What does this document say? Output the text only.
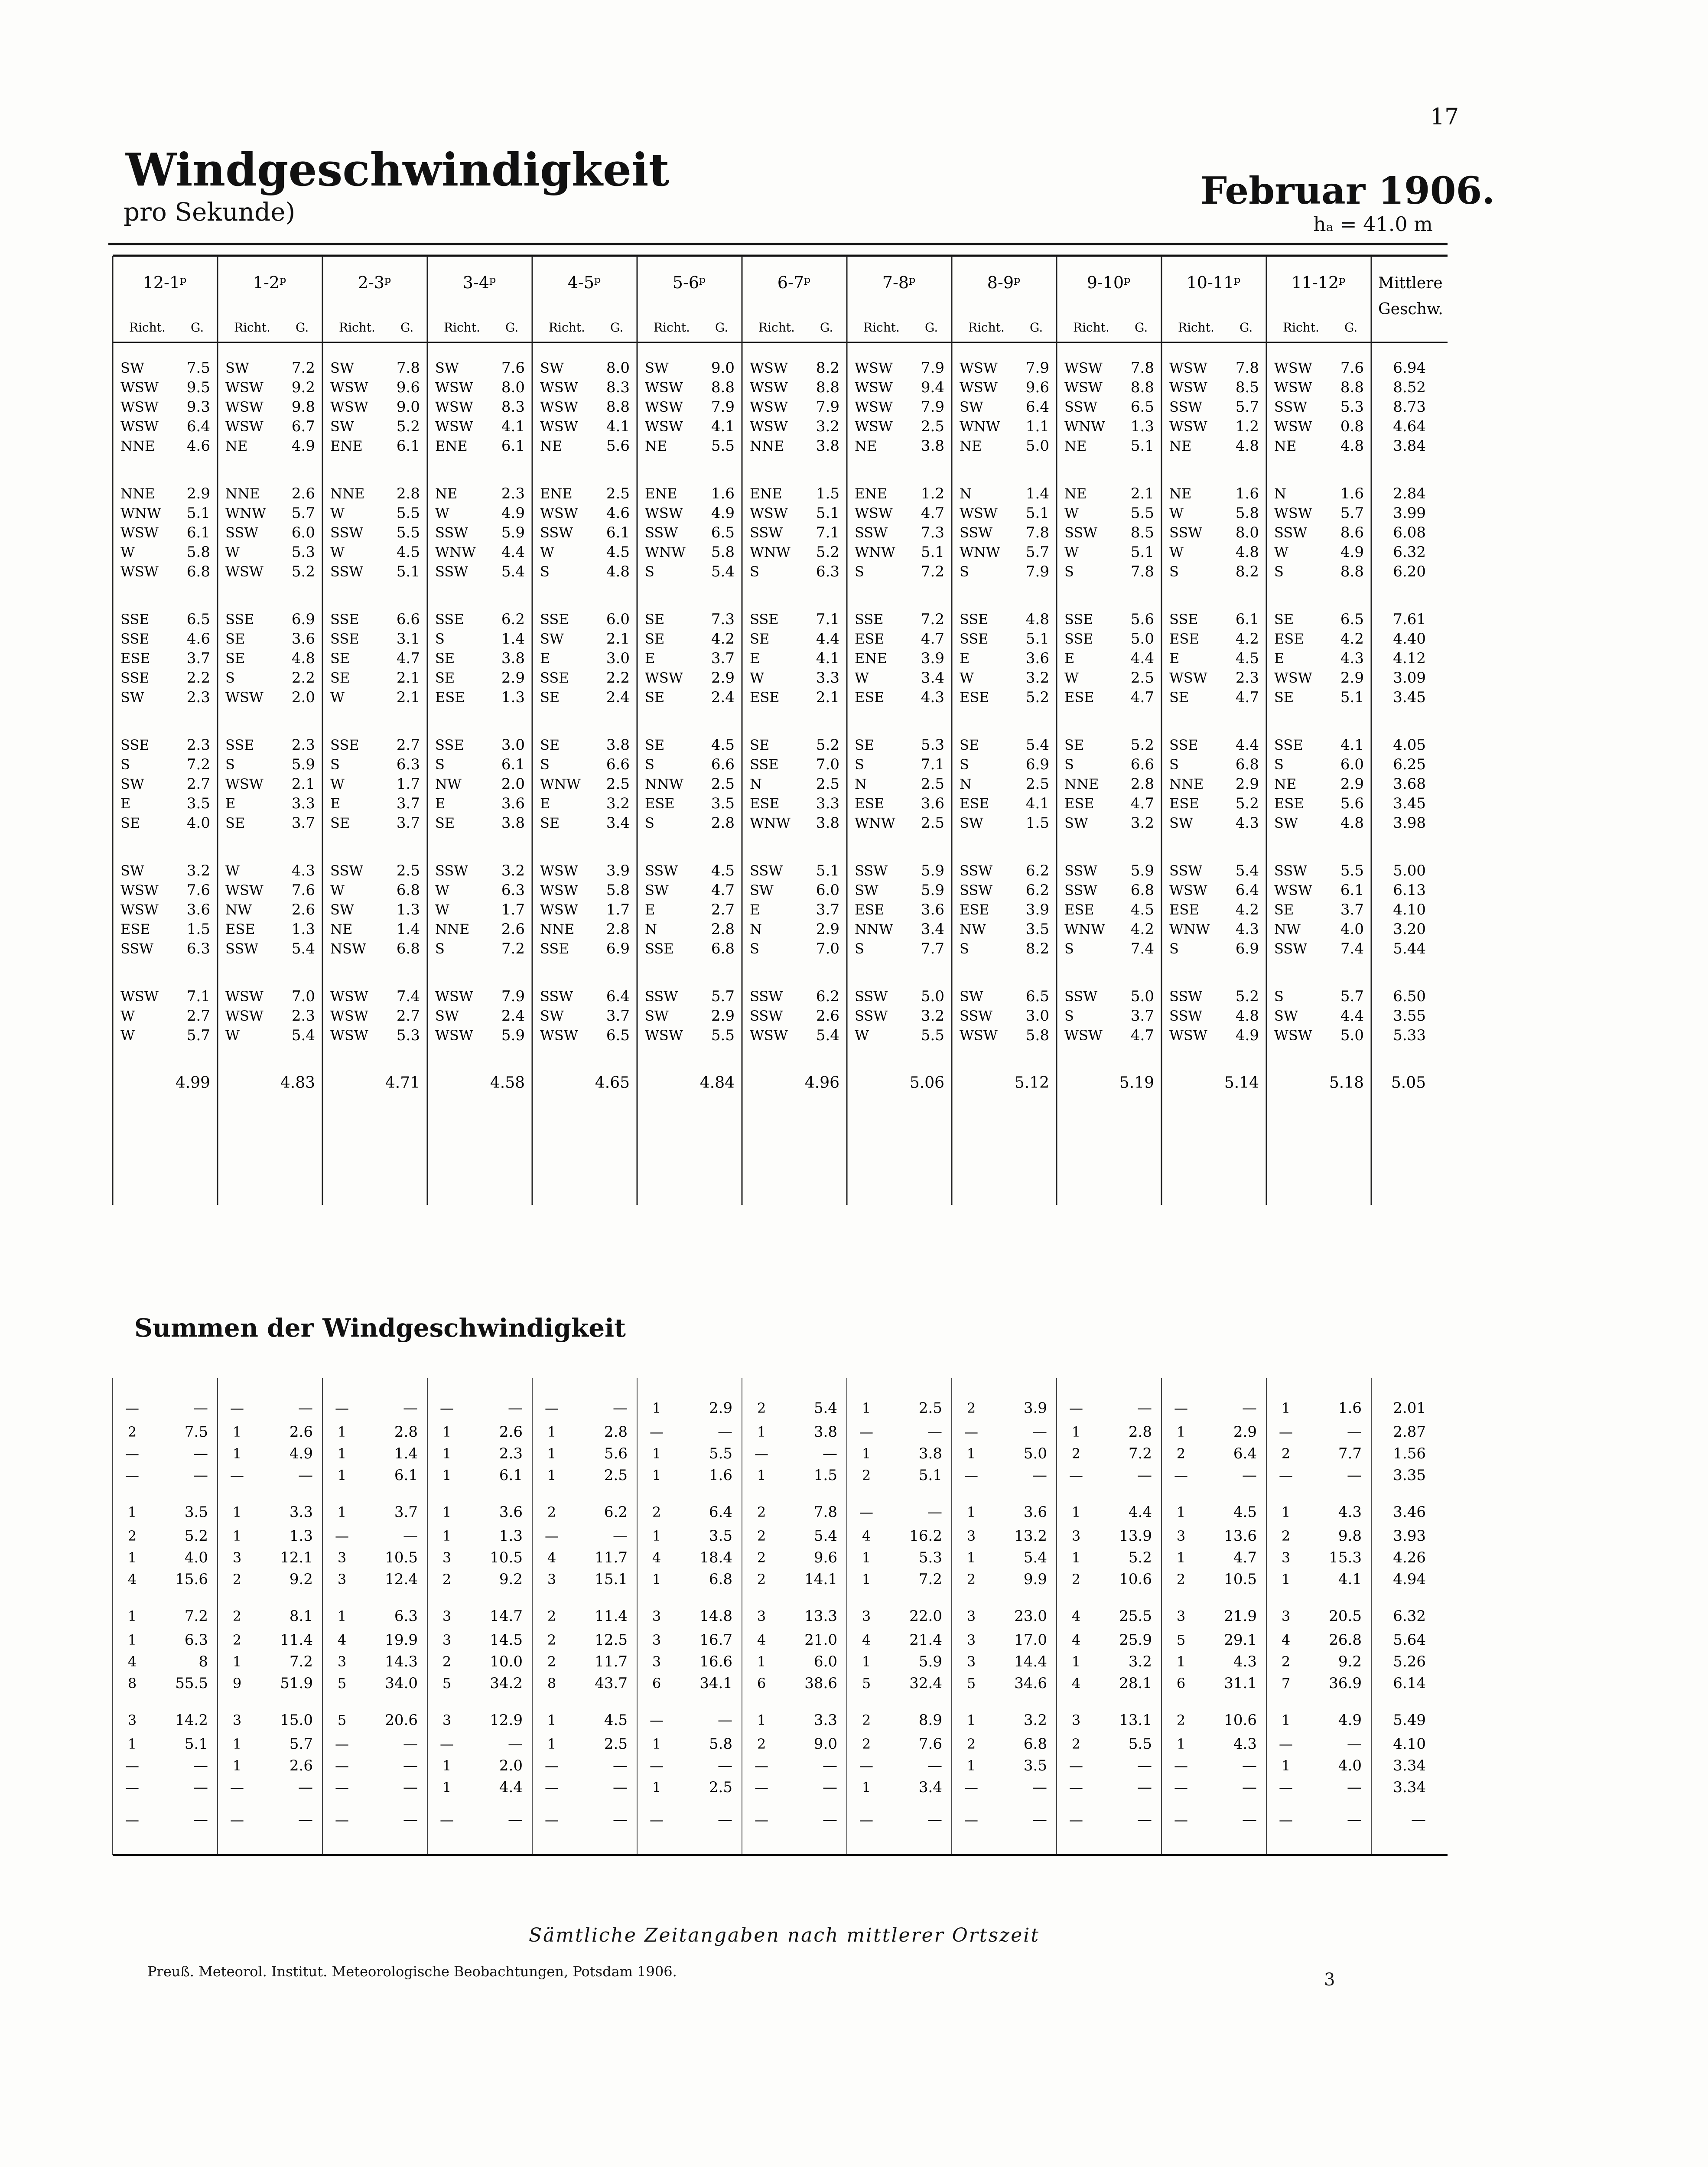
17
Windgeschwindigkeit
pro Sekunde)	Februar 1906.
hₐ = 41.0 m
12-1ᵖ
Richt. G.
1-2ᵖ
Richt. G.
2-3ᵖ
Richt. G.
3-4ᵖ
Richt. G.
4-5ᵖ
Richt. G.
5-6ᵖ
Richt. G.
6-7ᵖ
Richt. G.
7-8ᵖ
Richt. G.
8-9ᵖ
Richt. G.
9-10ᵖ
Richt. G.
10-11ᵖ
Richt. G.
11-12ᵖ
Richt. G.
Mittlere
Geschw.
SW	7.5 SW	7.2 SW	7.8 SW	7.6 SW	8.0 SW	9.0 WSW 8.2 WSW 7.9 WSW 7.9 WSW 7.8 WSW 7.8 WSW 7.6 6.94
WSW 9.5 WSW 9.2 WSW 9.6 WSW 8.0 WSW 8.3 WSW 8.8 WSW 8.8 WSW 9.4 WSW 9.6 WSW 8.8 WSW 8.5 WSW 8.8 8.52
WSW 9.3 WSW 9.8 WSW 9.0 WSW 8.3 WSW 8.8 WSW 7.9 WSW 7.9 WSW 7.9 SW	6.4 SSW 6.5 SSW 5.7 SSW 5.3 8.73
WSW 6.4 WSW 6.7 SW	5.2 WSW 4.1 WSW 4.1 WSW 4.1 WSW 3.2 WSW 2.5 WNW 1.1 WNW 1.3 WSW 1.2 WSW 0.8 4.64
NNE 4.6 NE	4.9 ENE 6.1 ENE 6.1 NE	5.6 NE	5.5 NNE 3.8 NE	3.8 NE	5.0 NE	5.1 NE	4.8 NE	4.8 3.84
NNE 2.9 NNE 2.6 NNE 2.8 NE	2.3 ENE 2.5 ENE 1.6 ENE 1.5 ENE 1.2 N	1.4 NE	2.1 NE	1.6 N	1.6 2.84
WNW 5.1 WNW 5.7 W	5.5 W	4.9 WSW 4.6 WSW 4.9 WSW 5.1 WSW 4.7 WSW 5.1 W	5.5 W	5.8 WSW 5.7 3.99
WSW 6.1 SSW 6.0 SSW 5.5 SSW 5.9 SSW 6.1 SSW 6.5 SSW 7.1 SSW 7.3 SSW 7.8 SSW 8.5 SSW 8.0 SSW 8.6 6.08
W	5.8 W	5.3 W	4.5 WNW 4.4 W	4.5 WNW 5.8 WNW 5.2 WNW 5.1 WNW 5.7 W	5.1 W	4.8 W	4.9 6.32
WSW 6.8 WSW 5.2 SSW 5.1 SSW 5.4 S	4.8 S	5.4 S	6.3 S	7.2 S	7.9 S	7.8 S	8.2 S	8.8 6.20
SSE	6.5 SSE	6.9 SSE	6.6 SSE	6.2 SSE	6.0 SE	7.3 SSE	7.1 SSE	7.2 SSE	4.8 SSE	5.6 SSE	6.1 SE	6.5 7.61
SSE	4.6 SE	3.6 SSE	3.1 S	1.4 SW	2.1 SE	4.2 SE	4.4 ESE 4.7 SSE	5.1 SSE	5.0 ESE 4.2 ESE 4.2 4.40
ESE 3.7 SE	4.8 SE	4.7 SE	3.8 E	3.0 E	3.7 E	4.1 ENE 3.9 E	3.6 E	4.4 E	4.5 E	4.3 4.12
SSE	2.2 S	2.2 SE	2.1 SE	2.9 SSE	2.2 WSW 2.9 W	3.3 W	3.4 W	3.2 W	2.5 WSW 2.3 WSW 2.9 3.09
SW	2.3 WSW 2.0 W	2.1 ESE 1.3 SE	2.4 SE	2.4 ESE 2.1 ESE 4.3 ESE 5.2 ESE 4.7 SE	4.7 SE	5.1 3.45
SSE	2.3 SSE	2.3 SSE	2.7 SSE	3.0 SE	3.8 SE	4.5 SE	5.2 SE	5.3 SE	5.4 SE	5.2 SSE	4.4 SSE	4.1 4.05
S	7.2 S	5.9 S	6.3 S	6.1 S	6.6 S	6.6 SSE	7.0 S	7.1 S	6.9 S	6.6 S	6.8 S	6.0 6.25
SW	2.7 WSW 2.1 W	1.7 NW	2.0 WNW 2.5 NNW 2.5 N	2.5 N	2.5 N	2.5 NNE 2.8 NNE 2.9 NE	2.9 3.68
E	3.5 E	3.3 E	3.7 E	3.6 E	3.2 ESE 3.5 ESE 3.3 ESE 3.6 ESE 4.1 ESE 4.7 ESE 5.2 ESE 5.6 3.45
SE	4.0 SE	3.7 SE	3.7 SE	3.8 SE	3.4 S	2.8 WNW 3.8 WNW 2.5 SW	1.5 SW	3.2 SW	4.3 SW	4.8 3.98
SW	3.2 W	4.3 SSW 2.5 SSW 3.2 WSW 3.9 SSW 4.5 SSW 5.1 SSW 5.9 SSW 6.2 SSW 5.9 SSW 5.4 SSW 5.5 5.00
WSW 7.6 WSW 7.6 W	6.8 W	6.3 WSW 5.8 SW	4.7 SW	6.0 SW	5.9 SSW 6.2 SSW 6.8 WSW 6.4 WSW 6.1 6.13
WSW 3.6 NW	2.6 SW	1.3 W	1.7 WSW 1.7 E	2.7 E	3.7 ESE 3.6 ESE 3.9 ESE 4.5 ESE 4.2 SE	3.7 4.10
ESE 1.5 ESE 1.3 NE	1.4 NNE 2.6 NNE 2.8 N	2.8 N	2.9 NNW 3.4 NW	3.5 WNW 4.2 WNW 4.3 NW	4.0 3.20
SSW 6.3 SSW 5.4 NSW 6.8 S	7.2 SSE	6.9 SSE	6.8 S	7.0 S	7.7 S	8.2 S	7.4 S	6.9 SSW 7.4 5.44
WSW 7.1 WSW 7.0 WSW 7.4 WSW 7.9 SSW 6.4 SSW 5.7 SSW 6.2 SSW 5.0 SW	6.5 SSW 5.0 SSW 5.2 S	5.7 6.50
W	2.7 WSW 2.3 WSW 2.7 SW	2.4 SW	3.7 SW	2.9 SSW 2.6 SSW 3.2 SSW 3.0 S	3.7 SSW 4.8 SW	4.4 3.55
W	5.7 W	5.4 WSW 5.3 WSW 5.9 WSW 6.5 WSW 5.5 WSW 5.4 W	5.5 WSW 5.8 WSW 4.7 WSW 4.9 WSW 5.0 5.33
4.99	4.83	4.71	4.58	4.65	4.84	4.96	5.06	5.12	5.19	5.14	5.18 5.05
—	— —	— —	— —	— —	— 1	2.9 2	5.4 1	2.5 2	3.9 —	— —	— 1	1.6 2.01
2	7.5 1	2.6 1	2.8 1	2.6 1	2.8 —	— 1	3.8 —	— —	— 1	2.8 1	2.9 —	— 2.87
—	— 1	4.9 1	1.4 1	2.3 1	5.6 1	5.5 —	— 1	3.8 1	5.0 2	7.2 2	6.4 2	7.7 1.56
—	— —	— 1	6.1 1	6.1 1	2.5 1	1.6 1	1.5 2	5.1 —	— —	— —	— —	— 3.35
1	3.5 1	3.3 1	3.7 1	3.6 2	6.2 2	6.4 2	7.8 —	— 1	3.6 1	4.4 1	4.5 1	4.3 3.46
2	5.2 1	1.3 —	— 1	1.3 —	— 1	3.5 2	5.4 4	16.2 3	13.2 3	13.9 3	13.6 2	9.8 3.93
1	4.0 3	12.1 3	10.5 3	10.5 4	11.7 4	18.4 2	9.6 1	5.3 1	5.4 1	5.2 1	4.7 3	15.3 4.26
4	15.6 2	9.2 3	12.4 2	9.2 3	15.1 1	6.8 2	14.1 1	7.2 2	9.9 2	10.6 2	10.5 1	4.1 4.94
1	7.2 2	8.1 1	6.3 3	14.7 2	11.4 3	14.8 3	13.3 3	22.0 3	23.0 4	25.5 3	21.9 3	20.5 6.32
1	6.3 2	11.4 4	19.9 3	14.5 2	12.5 3	16.7 4	21.0 4	21.4 3	17.0 4	25.9 5	29.1 4	26.8 5.64
4	8 1	7.2 3	14.3 2	10.0 2	11.7 3	16.6 1	6.0 1	5.9 3	14.4 1	3.2 1	4.3 2	9.2 5.26
8	55.5 9	51.9 5	34.0 5	34.2 8	43.7 6	34.1 6	38.6 5	32.4 5	34.6 4	28.1 6	31.1 7	36.9 6.14
3	14.2 3	15.0 5	20.6 3	12.9 1	4.5 —	— 1	3.3 2	8.9 1	3.2 3	13.1 2	10.6 1	4.9 5.49
1	5.1 1	5.7 —	— —	— 1	2.5 1	5.8 2	9.0 2	7.6 2	6.8 2	5.5 1	4.3 —	— 4.10
—	— 1	2.6 —	— 1	2.0 —	— —	— —	— —	— 1	3.5 —	— —	— 1	4.0 3.34
—	— —	— —	— 1	4.4 —	— 1	2.5 —	— 1	3.4 —	— —	— —	— —	— 3.34
—	— —	— —	— —	— —	— —	— —	— —	— —	— —	— —	— —	—	—
Summen der Windgeschwindigkeit
Sämtliche Zeitangaben nach mittlerer Ortszeit
Preuß. Meteorol. Institut. Meteorologische Beobachtungen, Potsdam 1906.	3
